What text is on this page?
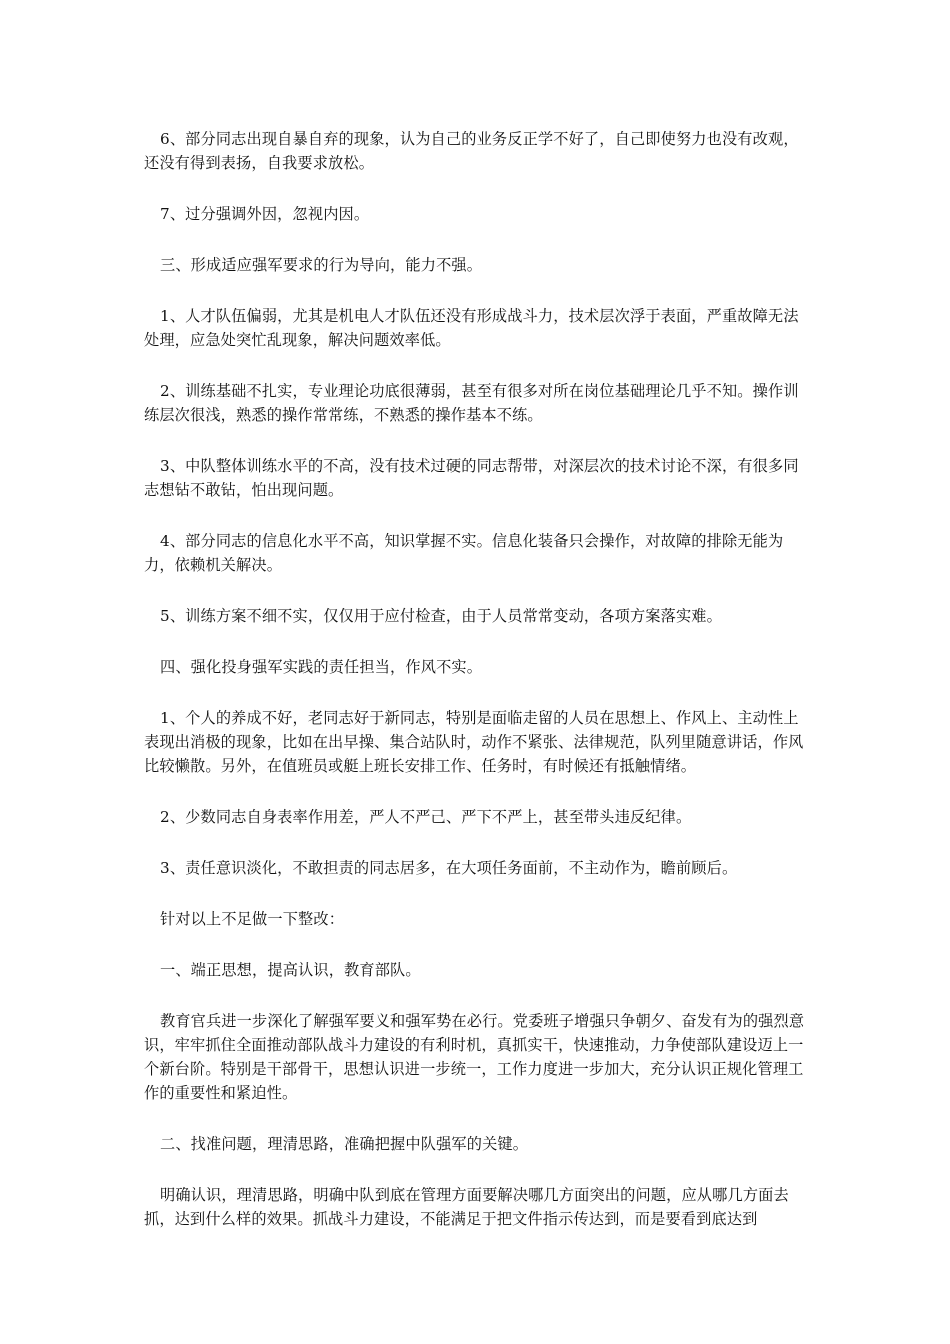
6、部分同志出现自暴自弃的现象，认为自己的业务反正学不好了，自己即使努力也没有改观，还没有得到表扬，自我要求放松。

7、过分强调外因，忽视内因。

三、形成适应强军要求的行为导向，能力不强。

1、人才队伍偏弱，尤其是机电人才队伍还没有形成战斗力，技术层次浮于表面，严重故障无法处理，应急处突忙乱现象，解决问题效率低。

2、训练基础不扎实，专业理论功底很薄弱，甚至有很多对所在岗位基础理论几乎不知。操作训练层次很浅，熟悉的操作常常练，不熟悉的操作基本不练。

3、中队整体训练水平的不高，没有技术过硬的同志帮带，对深层次的技术讨论不深，有很多同志想钻不敢钻，怕出现问题。

4、部分同志的信息化水平不高，知识掌握不实。信息化装备只会操作，对故障的排除无能为力，依赖机关解决。

5、训练方案不细不实，仅仅用于应付检查，由于人员常常变动，各项方案落实难。

四、强化投身强军实践的责任担当，作风不实。

1、个人的养成不好，老同志好于新同志，特别是面临走留的人员在思想上、作风上、主动性上表现出消极的现象，比如在出早操、集合站队时，动作不紧张、法律规范，队列里随意讲话，作风比较懒散。另外，在值班员或艇上班长安排工作、任务时，有时候还有抵触情绪。

2、少数同志自身表率作用差，严人不严己、严下不严上，甚至带头违反纪律。

3、责任意识淡化，不敢担责的同志居多，在大项任务面前，不主动作为，瞻前顾后。

针对以上不足做一下整改：

一、端正思想，提高认识，教育部队。

教育官兵进一步深化了解强军要义和强军势在必行。党委班子增强只争朝夕、奋发有为的强烈意识，牢牢抓住全面推动部队战斗力建设的有利时机，真抓实干，快速推动，力争使部队建设迈上一个新台阶。特别是干部骨干，思想认识进一步统一，工作力度进一步加大，充分认识正规化管理工作的重要性和紧迫性。

二、找准问题，理清思路，准确把握中队强军的关键。

明确认识，理清思路，明确中队到底在管理方面要解决哪几方面突出的问题，应从哪几方面去抓，达到什么样的效果。抓战斗力建设，不能满足于把文件指示传达到，而是要看到底达到
